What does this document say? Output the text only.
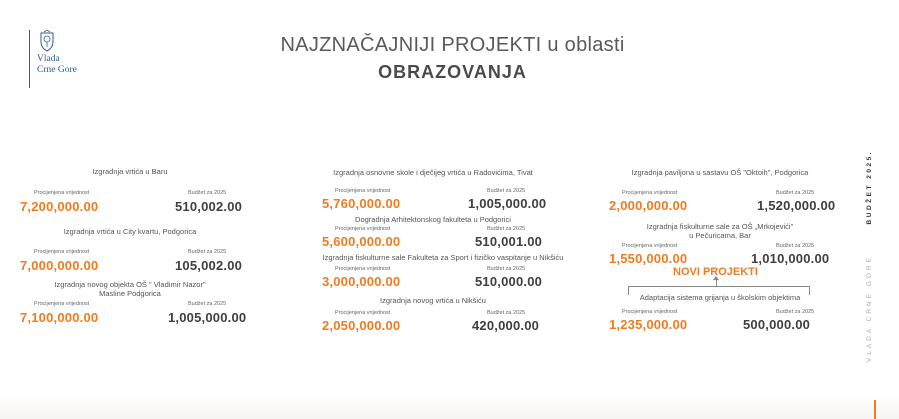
Vlada
Crne Gore
NAJZNAČAJNIJI PROJEKTI u oblasti
OBRAZOVANJA
Izgradnja vrtića u Baru
Procijenjena vrijednost	Budžet za 2025
7,200,000.00	510,002.00
Izgradnja vrtića u City kvartu, Podgorica
Procijenjena vrijednost	Budžet za 2025
7,000,000.00	105,002.00
Izgradnja novog objekta OŠ " Vladimir Nazor"
Masline Podgorica
Procijenjena vrijednost	Budžet za 2025
7,100,000.00	1,005,000.00
Izgradnja osnovne skole i dječijeg vrtića u Radovićima, Tivat
Procijenjena vrijednost	Budžet za 2025
5,760,000.00	1,005,000.00
Dogradnja Arhitektonskog fakulteta u Podgorici
Procijenjena vrijednost	Budžet za 2025
5,600,000.00	510,001.00
Izgradnja fiskulturne sale Fakulteta za Sport i fizičko vaspitanje u Nikšiću
Procijenjena vrijednost	Budžet za 2025
3,000,000.00	510,000.00
Izgradnja novog vrtića u Nikšiću
Procijenjena vrijednost	Budžet za 2025
2,050,000.00	420,000.00
Izgradnja paviljona u sastavu OŠ "Oktoih", Podgorica
Procijenjena vrijednost	Budžet za 2025
2,000,000.00	1,520,000.00
Izgradnja fiskulturne sale za OŠ „Mrkojevići"
u Pečuricama, Bar
Procijenjena vrijednost	Budžet za 2025
1,550,000.00	1,010,000.00
NOVI PROJEKTI
Adaptacija sistema grijanja u školskim objektima
Procijenjena vrijednost	Budžet za 2025
1,235,000.00	500,000.00
BUDŽET 2025.
VLADA CRNE GORE
